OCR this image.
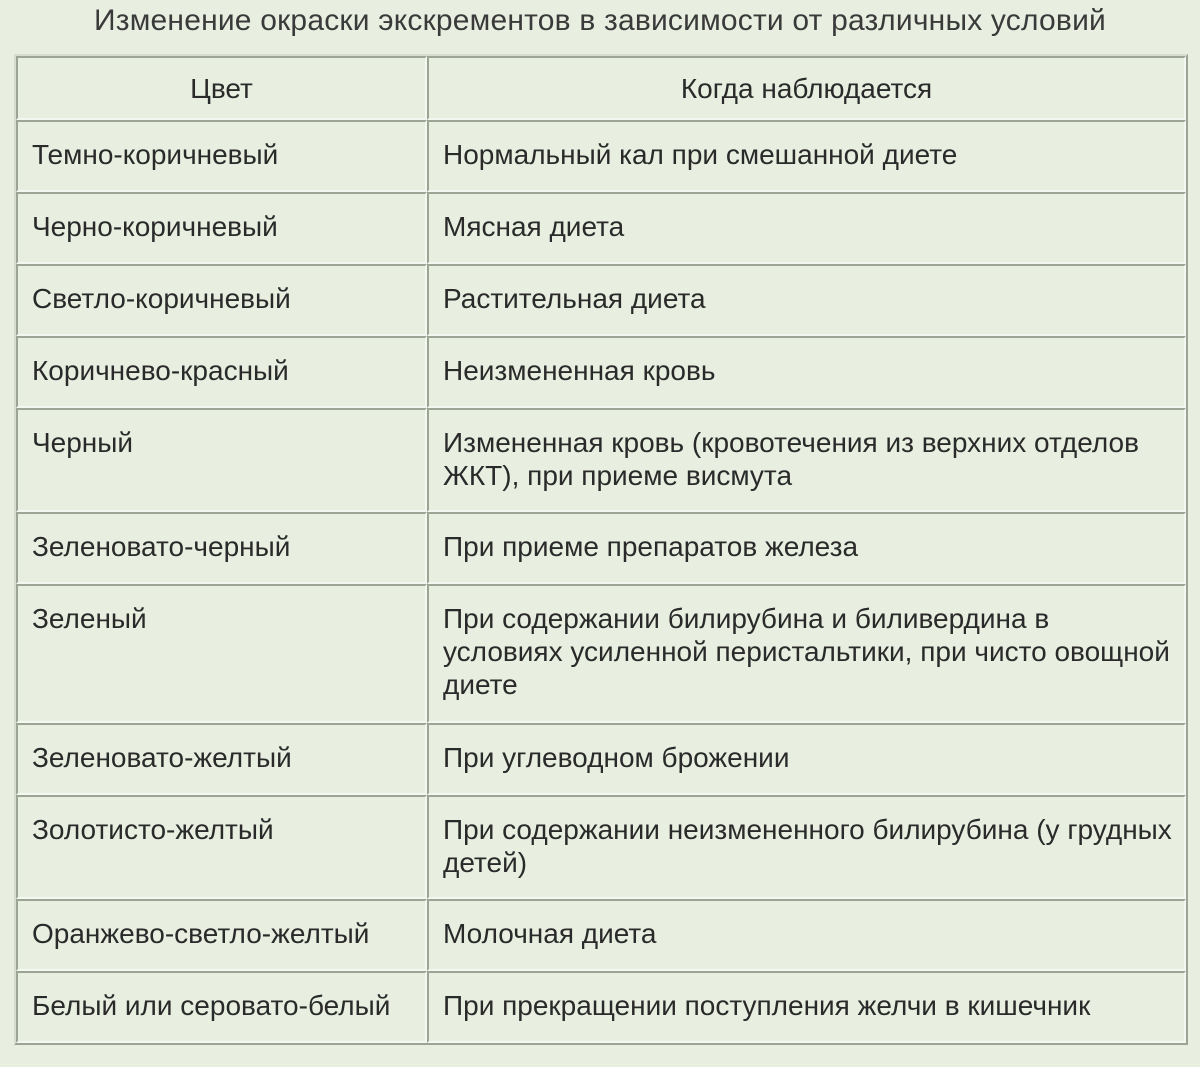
Изменение окраски экскрементов в зависимости от различных условий
Цвет	Когда наблюдается
Темно-коричневый	Нормальный кал при смешанной диете
Черно-коричневый	Мясная диета
Светло-коричневый	Растительная диета
Коричнево-красный	Неизмененная кровь
Черный	Измененная кровь (кровотечения из верхних отделов ЖКТ), при приеме висмута
Зеленовато-черный	При приеме препаратов железа
Зеленый	При содержании билирубина и биливердина в условиях усиленной перистальтики, при чисто овощной диете
Зеленовато-желтый	При углеводном брожении
Золотисто-желтый	При содержании неизмененного билирубина (у грудных детей)
Оранжево-светло-желтый	Молочная диета
Белый или серовато-белый	При прекращении поступления желчи в кишечник
